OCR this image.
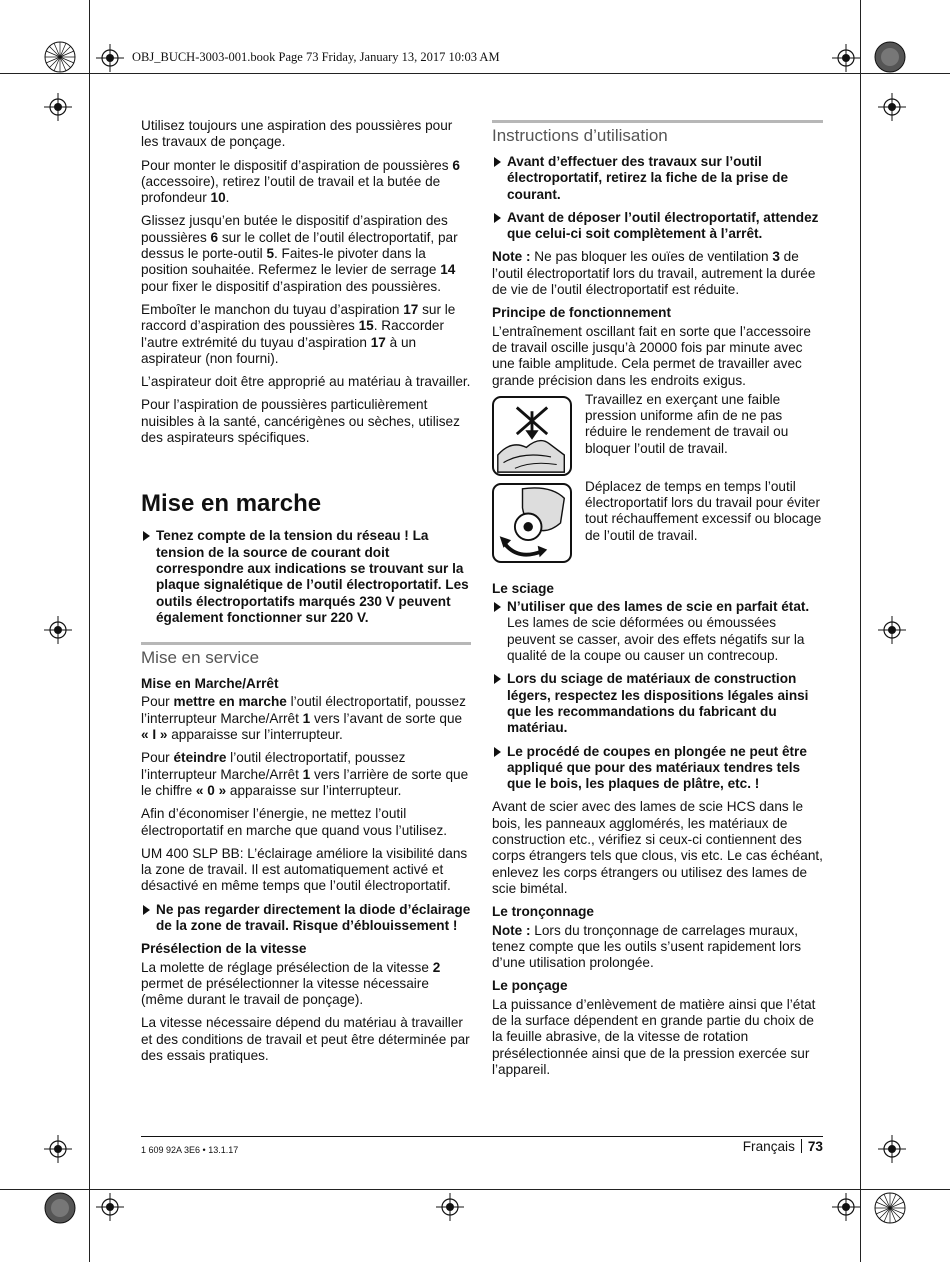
OBJ_BUCH-3003-001.book Page 73 Friday, January 13, 2017 10:03 AM

Utilisez toujours une aspiration des poussières pour les travaux de ponçage.

Pour monter le dispositif d’aspiration de poussières 6 (accessoire), retirez l’outil de travail et la butée de profondeur 10.

Glissez jusqu’en butée le dispositif d’aspiration des poussières 6 sur le collet de l’outil électroportatif, par dessus le porte-outil 5. Faites-le pivoter dans la position souhaitée. Refermez le levier de serrage 14 pour fixer le dispositif d’aspiration des poussières.

Emboîter le manchon du tuyau d’aspiration 17 sur le raccord d’aspiration des poussières 15. Raccorder l’autre extrémité du tuyau d’aspiration 17 à un aspirateur (non fourni).

L’aspirateur doit être approprié au matériau à travailler.

Pour l’aspiration de poussières particulièrement nuisibles à la santé, cancérigènes ou sèches, utilisez des aspirateurs spécifiques.

Mise en marche
Tenez compte de la tension du réseau ! La tension de la source de courant doit correspondre aux indications se trouvant sur la plaque signalétique de l’outil électroportatif. Les outils électroportatifs marqués 230 V peuvent également fonctionner sur 220 V.
Mise en service
Mise en Marche/Arrêt

Pour mettre en marche l’outil électroportatif, poussez l’interrupteur Marche/Arrêt 1 vers l’avant de sorte que « I » apparaisse sur l’interrupteur.

Pour éteindre l’outil électroportatif, poussez l’interrupteur Marche/Arrêt 1 vers l’arrière de sorte que le chiffre « 0 » apparaisse sur l’interrupteur.

Afin d’économiser l’énergie, ne mettez l’outil électroportatif en marche que quand vous l’utilisez.

UM 400 SLP BB: L’éclairage améliore la visibilité dans la zone de travail. Il est automatiquement activé et désactivé en même temps que l’outil électroportatif.

Ne pas regarder directement la diode d’éclairage de la zone de travail. Risque d’éblouissement !
Présélection de la vitesse

La molette de réglage présélection de la vitesse 2 permet de présélectionner la vitesse nécessaire (même durant le travail de ponçage).

La vitesse nécessaire dépend du matériau à travailler et des conditions de travail et peut être déterminée par des essais pratiques.

Instructions d’utilisation
Avant d’effectuer des travaux sur l’outil électroportatif, retirez la fiche de la prise de courant.
Avant de déposer l’outil électroportatif, attendez que celui-ci soit complètement à l’arrêt.

Note : Ne pas bloquer les ouïes de ventilation 3 de l’outil électroportatif lors du travail, autrement la durée de vie de l’outil électroportatif est réduite.

Principe de fonctionnement

L’entraînement oscillant fait en sorte que l’accessoire de travail oscille jusqu’à 20000 fois par minute avec une faible amplitude. Cela permet de travailler avec grande précision dans les endroits exigus.

Travaillez en exerçant une faible pression uniforme afin de ne pas réduire le rendement de travail ou bloquer l’outil de travail.
Déplacez de temps en temps l’outil électroportatif lors du travail pour éviter tout réchauffement excessif ou blocage de l’outil de travail.
Le sciage
N’utiliser que des lames de scie en parfait état. Les lames de scie déformées ou émoussées peuvent se casser, avoir des effets négatifs sur la qualité de la coupe ou causer un contrecoup.
Lors du sciage de matériaux de construction légers, respectez les dispositions légales ainsi que les recommandations du fabricant du matériau.
Le procédé de coupes en plongée ne peut être appliqué que pour des matériaux tendres tels que le bois, les plaques de plâtre, etc. !

Avant de scier avec des lames de scie HCS dans le bois, les panneaux agglomérés, les matériaux de construction etc., vérifiez si ceux-ci contiennent des corps étrangers tels que clous, vis etc. Le cas échéant, enlevez les corps étrangers ou utilisez des lames de scie bimétal.

Le tronçonnage

Note : Lors du tronçonnage de carrelages muraux, tenez compte que les outils s’usent rapidement lors d’une utilisation prolongée.

Le ponçage

La puissance d’enlèvement de matière ainsi que l’état de la surface dépendent en grande partie du choix de la feuille abrasive, de la vitesse de rotation présélectionnée ainsi que de la pression exercée sur l’appareil.

1 609 92A 3E6 • 13.1.17	Français 73
